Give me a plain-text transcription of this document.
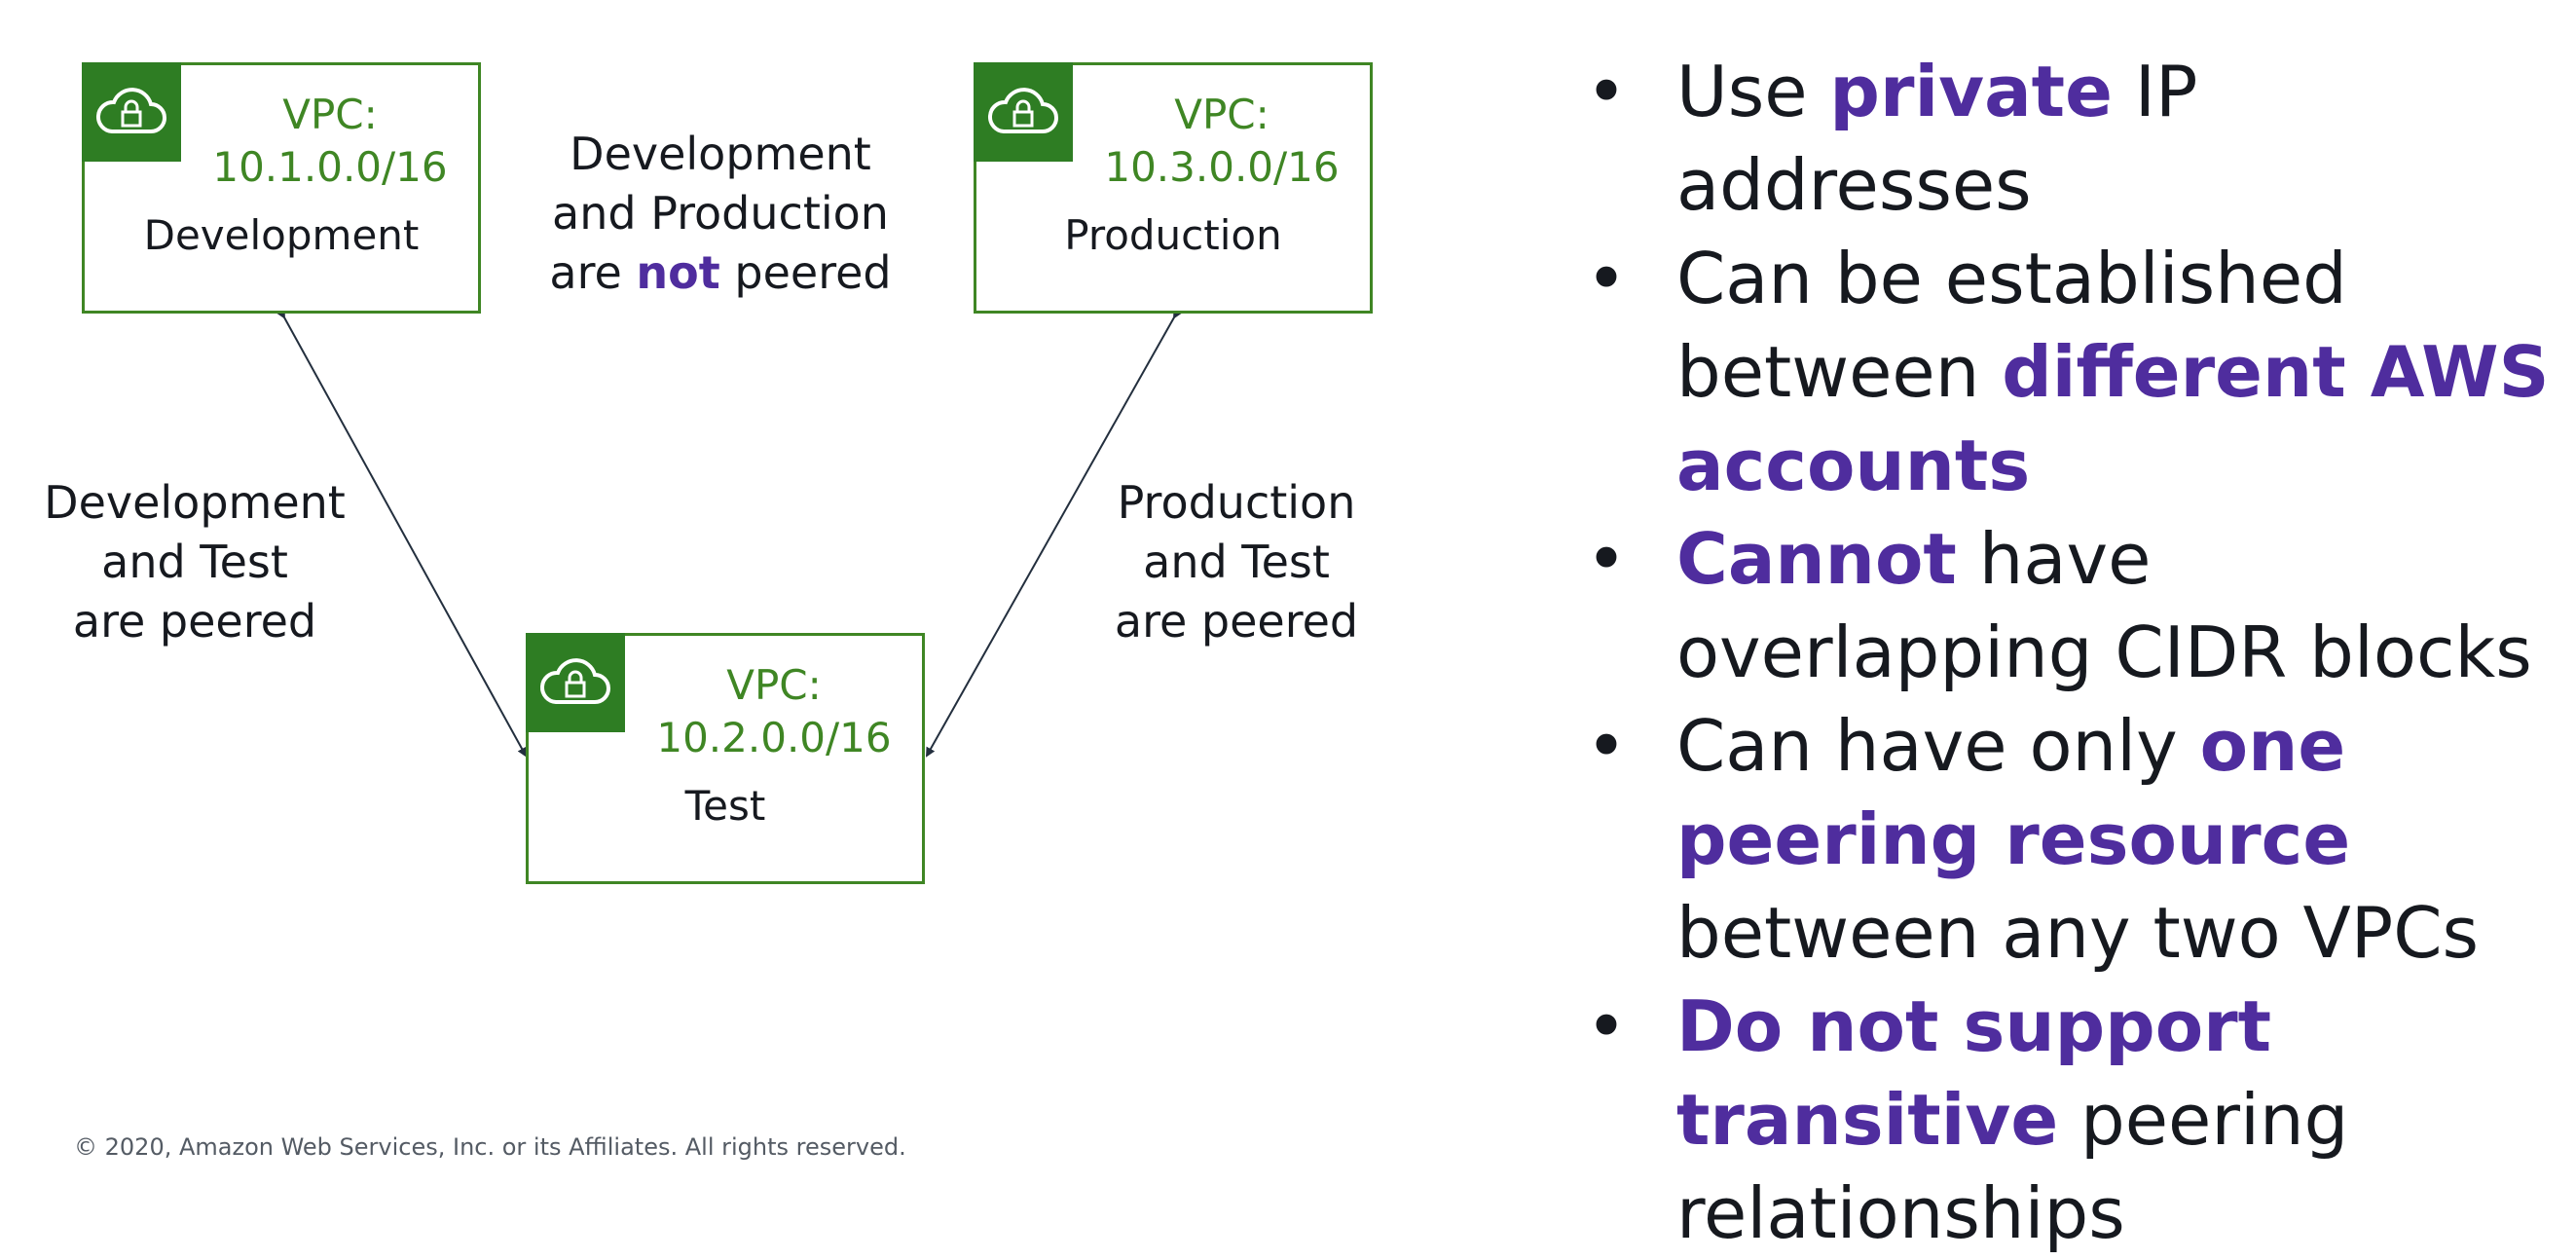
VPC:
10.1.0.0/16
Development
VPC:
10.3.0.0/16
Production
VPC:
10.2.0.0/16
Test
Development
and Production
are not peered
Development
and Test
are peered
Production
and Test
are peered
• Use private IP addresses
• Can be established between different AWS accounts
• Cannot have overlapping CIDR blocks
• Can have only one peering resource between any two VPCs
• Do not support transitive peering relationships
© 2020, Amazon Web Services, Inc. or its Affiliates. All rights reserved.
